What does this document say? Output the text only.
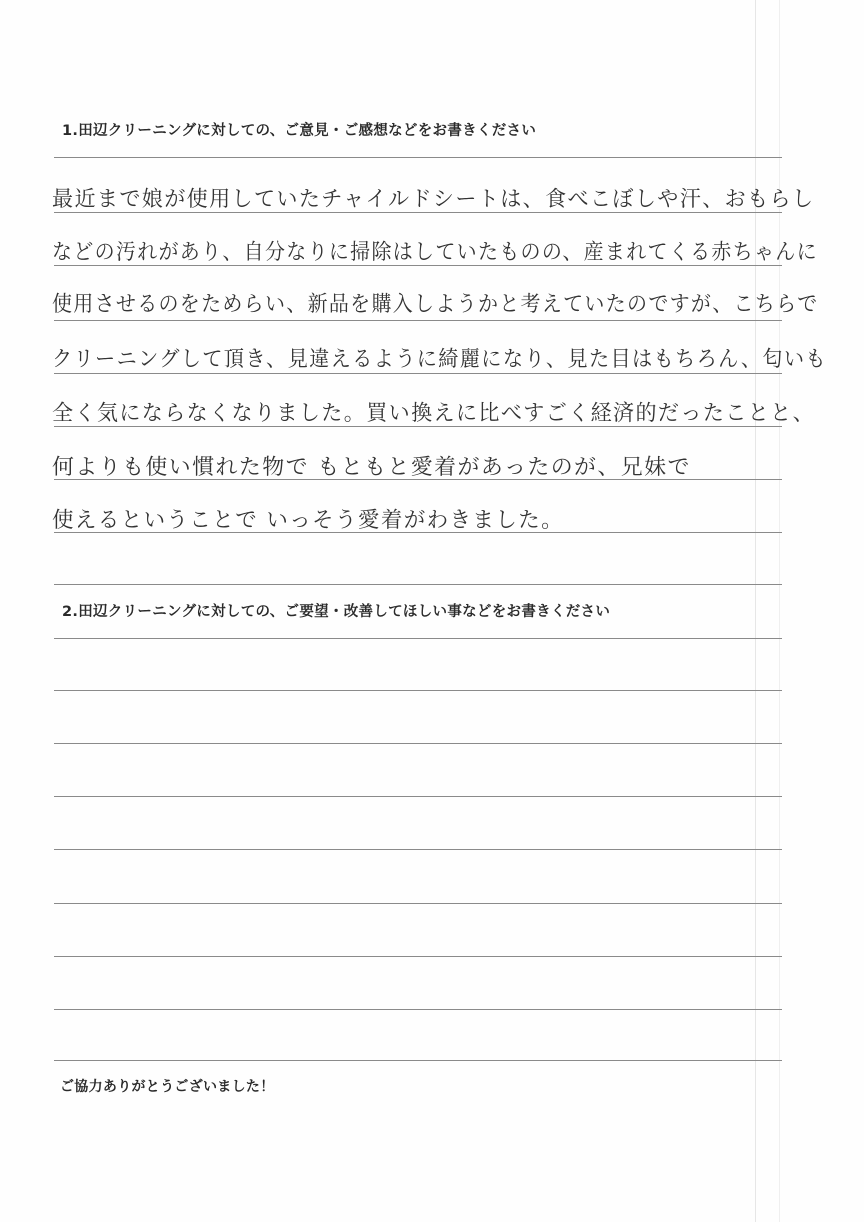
1.田辺クリーニングに対しての、ご意見・ご感想などをお書きください
最近まで娘が使用していたチャイルドシートは、食べこぼしや汗、おもらし
などの汚れがあり、自分なりに掃除はしていたものの、産まれてくる赤ちゃんに
使用させるのをためらい、新品を購入しようかと考えていたのですが、こちらで
クリーニングして頂き、見違えるように綺麗になり、見た目はもちろん、匂いも
全く気にならなくなりました。買い換えに比べすごく経済的だったことと、
何よりも使い慣れた物で もともと愛着があったのが、兄妹で
使えるということで いっそう愛着がわきました。
2.田辺クリーニングに対しての、ご要望・改善してほしい事などをお書きください
ご協力ありがとうございました！
